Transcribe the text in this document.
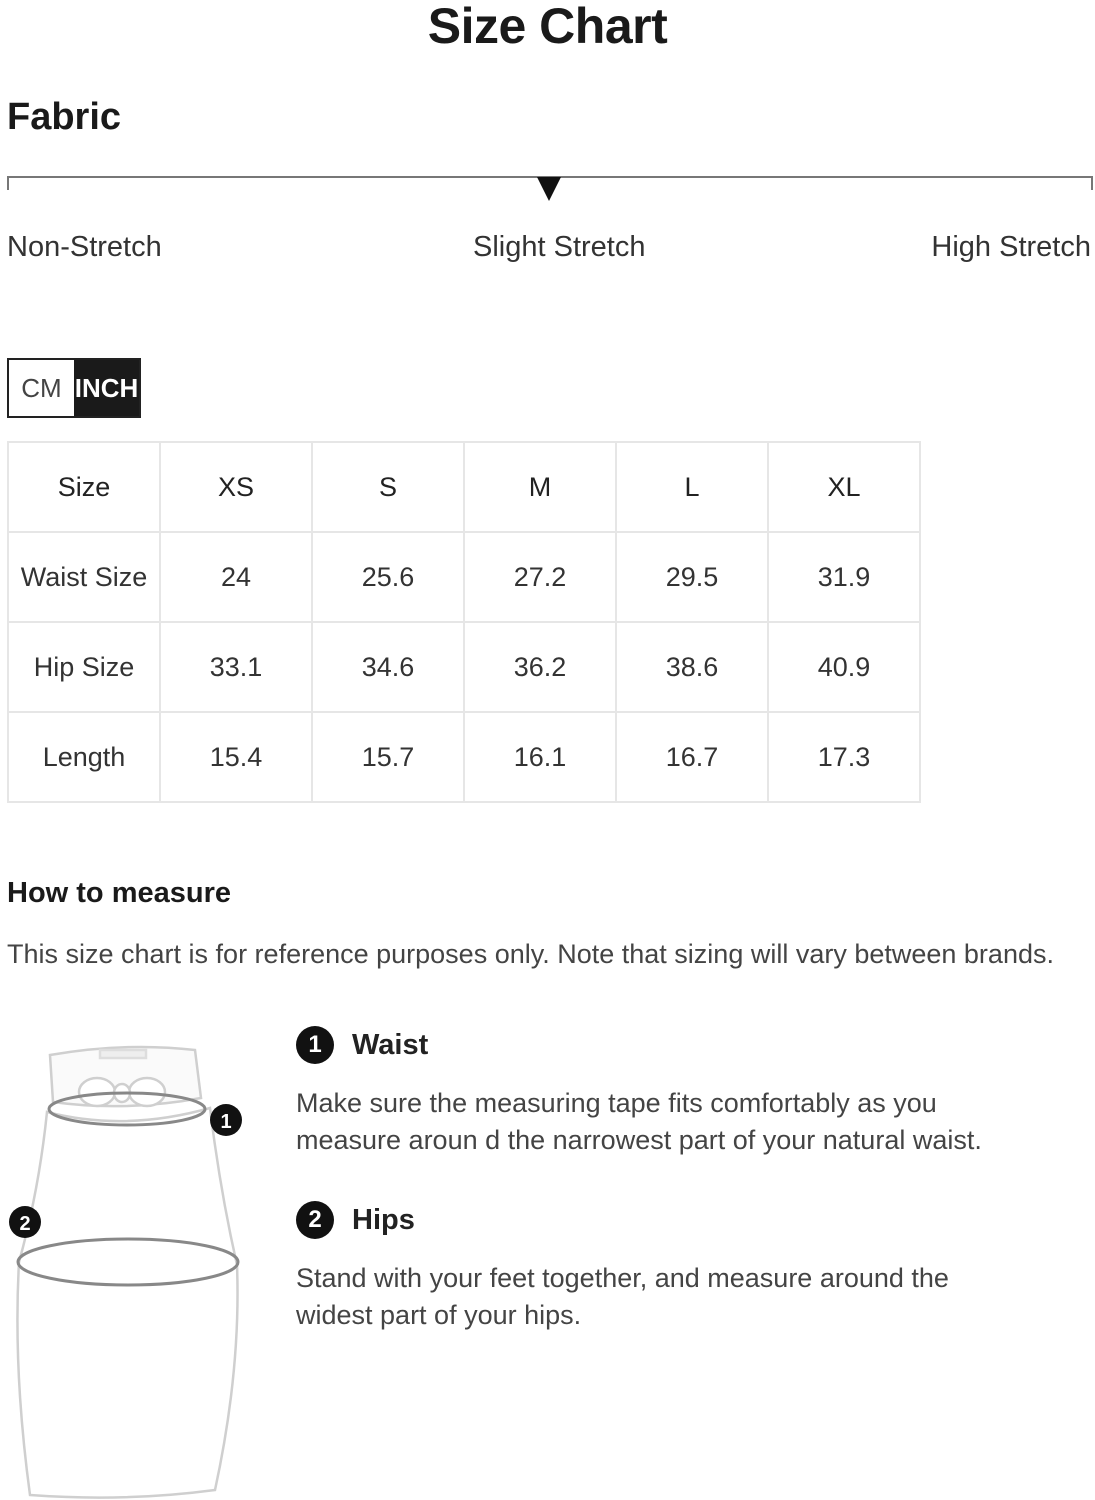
Size Chart
Fabric
Non-Stretch	Slight Stretch	High Stretch
CM INCH
Size	XS	S	M	L	XL
Waist Size	24	25.6	27.2	29.5	31.9
Hip Size	33.1	34.6	36.2	38.6	40.9
Length	15.4	15.7	16.1	16.7	17.3
How to measure
This size chart is for reference purposes only. Note that sizing will vary between brands.
1
2
1	Waist
Make sure the measuring tape fits comfortably as you measure aroun d the narrowest part of your natural waist.
2	Hips
Stand with your feet together, and measure around the widest part of your hips.
